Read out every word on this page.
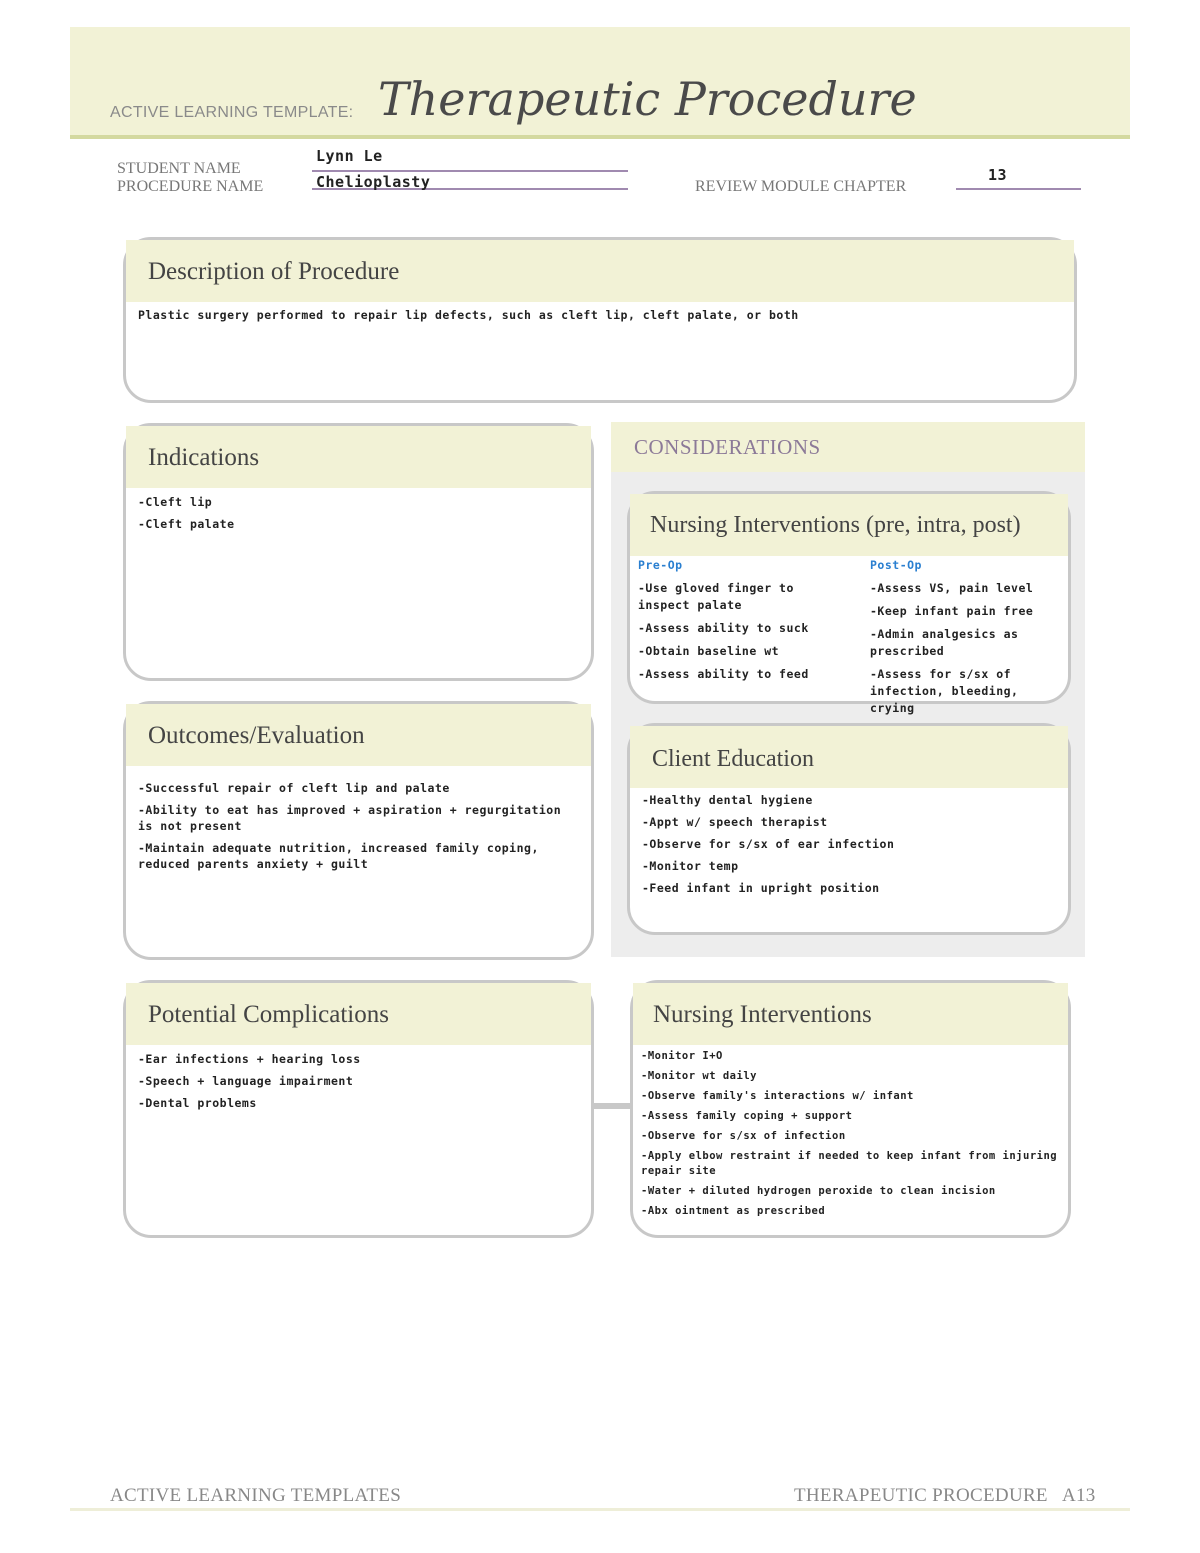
ACTIVE LEARNING TEMPLATE: Therapeutic Procedure
STUDENT NAME
PROCEDURE NAME
Lynn Le
Chelioplasty	REVIEW MODULE CHAPTER
13
Description of Procedure
Plastic surgery performed to repair lip defects, such as cleft lip, cleft palate, or both
Indications
-Cleft lip
-Cleft palate
Outcomes/Evaluation
-Successful repair of cleft lip and palate
-Ability to eat has improved + aspiration + regurgitation is not present
-Maintain adequate nutrition, increased family coping, reduced parents anxiety + guilt
CONSIDERATIONS
Nursing Interventions (pre, intra, post)
Pre-Op
-Use gloved finger to inspect palate
-Assess ability to suck
-Obtain baseline wt
-Assess ability to feed
Post-Op
-Assess VS, pain level
-Keep infant pain free
-Admin analgesics as prescribed
-Assess for s/sx of infection, bleeding, crying
Client Education
-Healthy dental hygiene
-Appt w/ speech therapist
-Observe for s/sx of ear infection
-Monitor temp
-Feed infant in upright position
Potential Complications
-Ear infections + hearing loss
-Speech + language impairment
-Dental problems
Nursing Interventions
-Monitor I+O
-Monitor wt daily
-Observe family's interactions w/ infant
-Assess family coping + support
-Observe for s/sx of infection
-Apply elbow restraint if needed to keep infant from injuring repair site
-Water + diluted hydrogen peroxide to clean incision
-Abx ointment as prescribed
ACTIVE LEARNING TEMPLATES	THERAPEUTIC PROCEDURE   A13
